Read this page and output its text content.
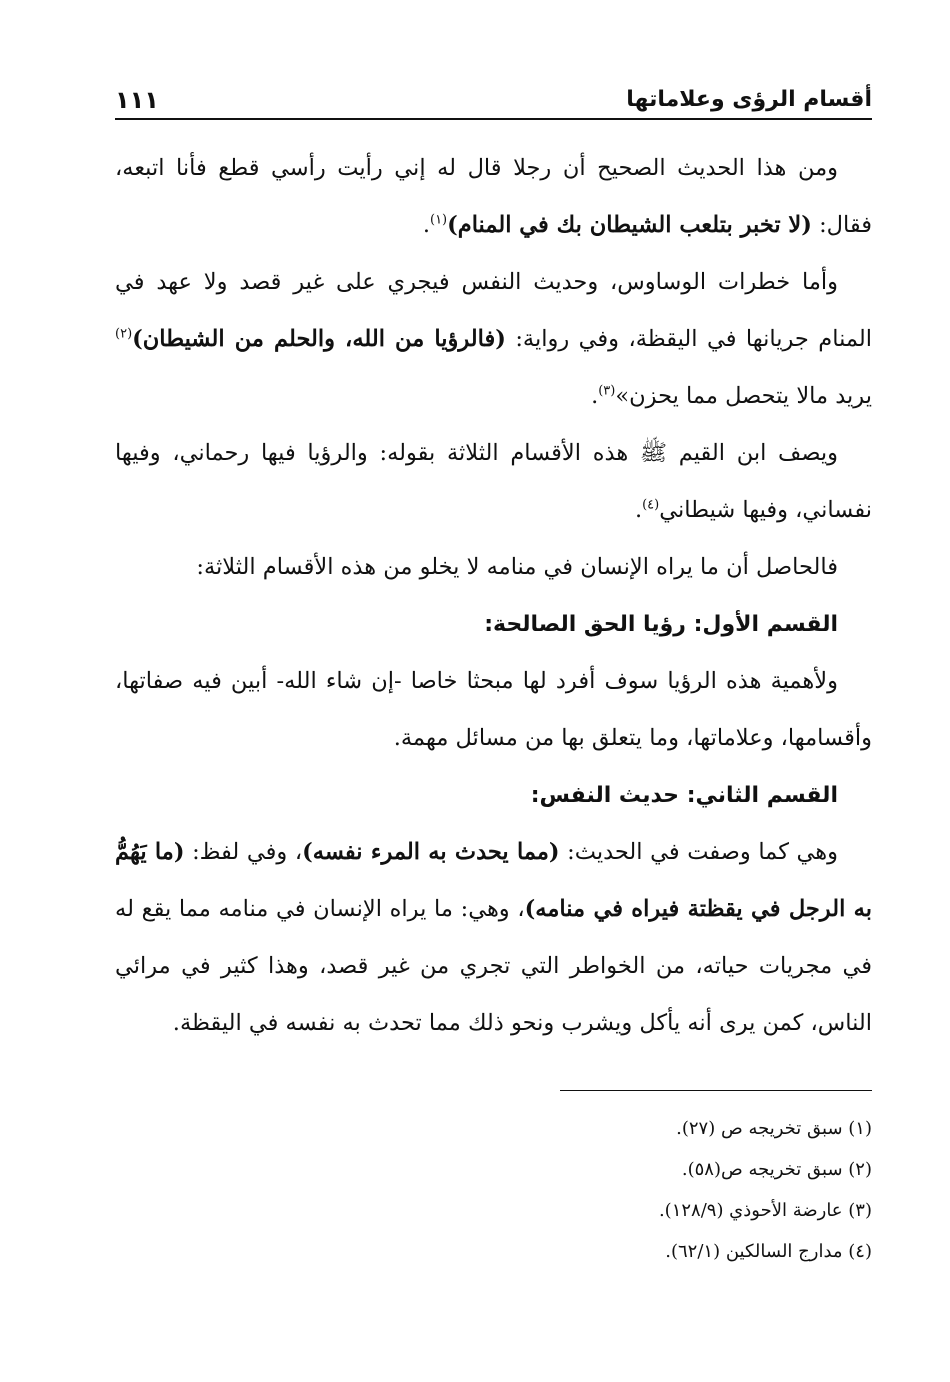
١١١	أقسام الرؤى وعلاماتها

ومن هذا الحديث الصحيح أن رجلا قال له إني رأيت رأسي قطع فأنا اتبعه، فقال: (لا تخبر بتلعب الشيطان بك في المنام)$^{(١)}$.

وأما خطرات الوساوس، وحديث النفس فيجري على غير قصد ولا عهد في المنام جريانها في اليقظة، وفي رواية: (فالرؤيا من الله، والحلم من الشيطان)$^{(٢)}$ يريد مالا يتحصل مما يحزن»$^{(٣)}$.

ويصف ابن القيم ﷺ هذه الأقسام الثلاثة بقوله: والرؤيا فيها رحماني، وفيها نفساني، وفيها شيطاني$^{(٤)}$.

فالحاصل أن ما يراه الإنسان في منامه لا يخلو من هذه الأقسام الثلاثة:

القسم الأول: رؤيا الحق الصالحة:

ولأهمية هذه الرؤيا سوف أفرد لها مبحثا خاصا -إن شاء الله- أبين فيه صفاتها، وأقسامها، وعلاماتها، وما يتعلق بها من مسائل مهمة.

القسم الثاني: حديث النفس:

وهي كما وصفت في الحديث: (مما يحدث به المرء نفسه)، وفي لفظ: (ما يَهُمُّ به الرجل في يقظتة فيراه في منامه)، وهي: ما يراه الإنسان في منامه مما يقع له في مجريات حياته، من الخواطر التي تجري من غير قصد، وهذا كثير في مرائي الناس، كمن يرى أنه يأكل ويشرب ونحو ذلك مما تحدث به نفسه في اليقظة.

(١) سبق تخريجه ص (٢٧).
(٢) سبق تخريجه ص(٥٨).
(٣) عارضة الأحوذي (١٢٨/٩).
(٤) مدارج السالكين (٦٢/١).
